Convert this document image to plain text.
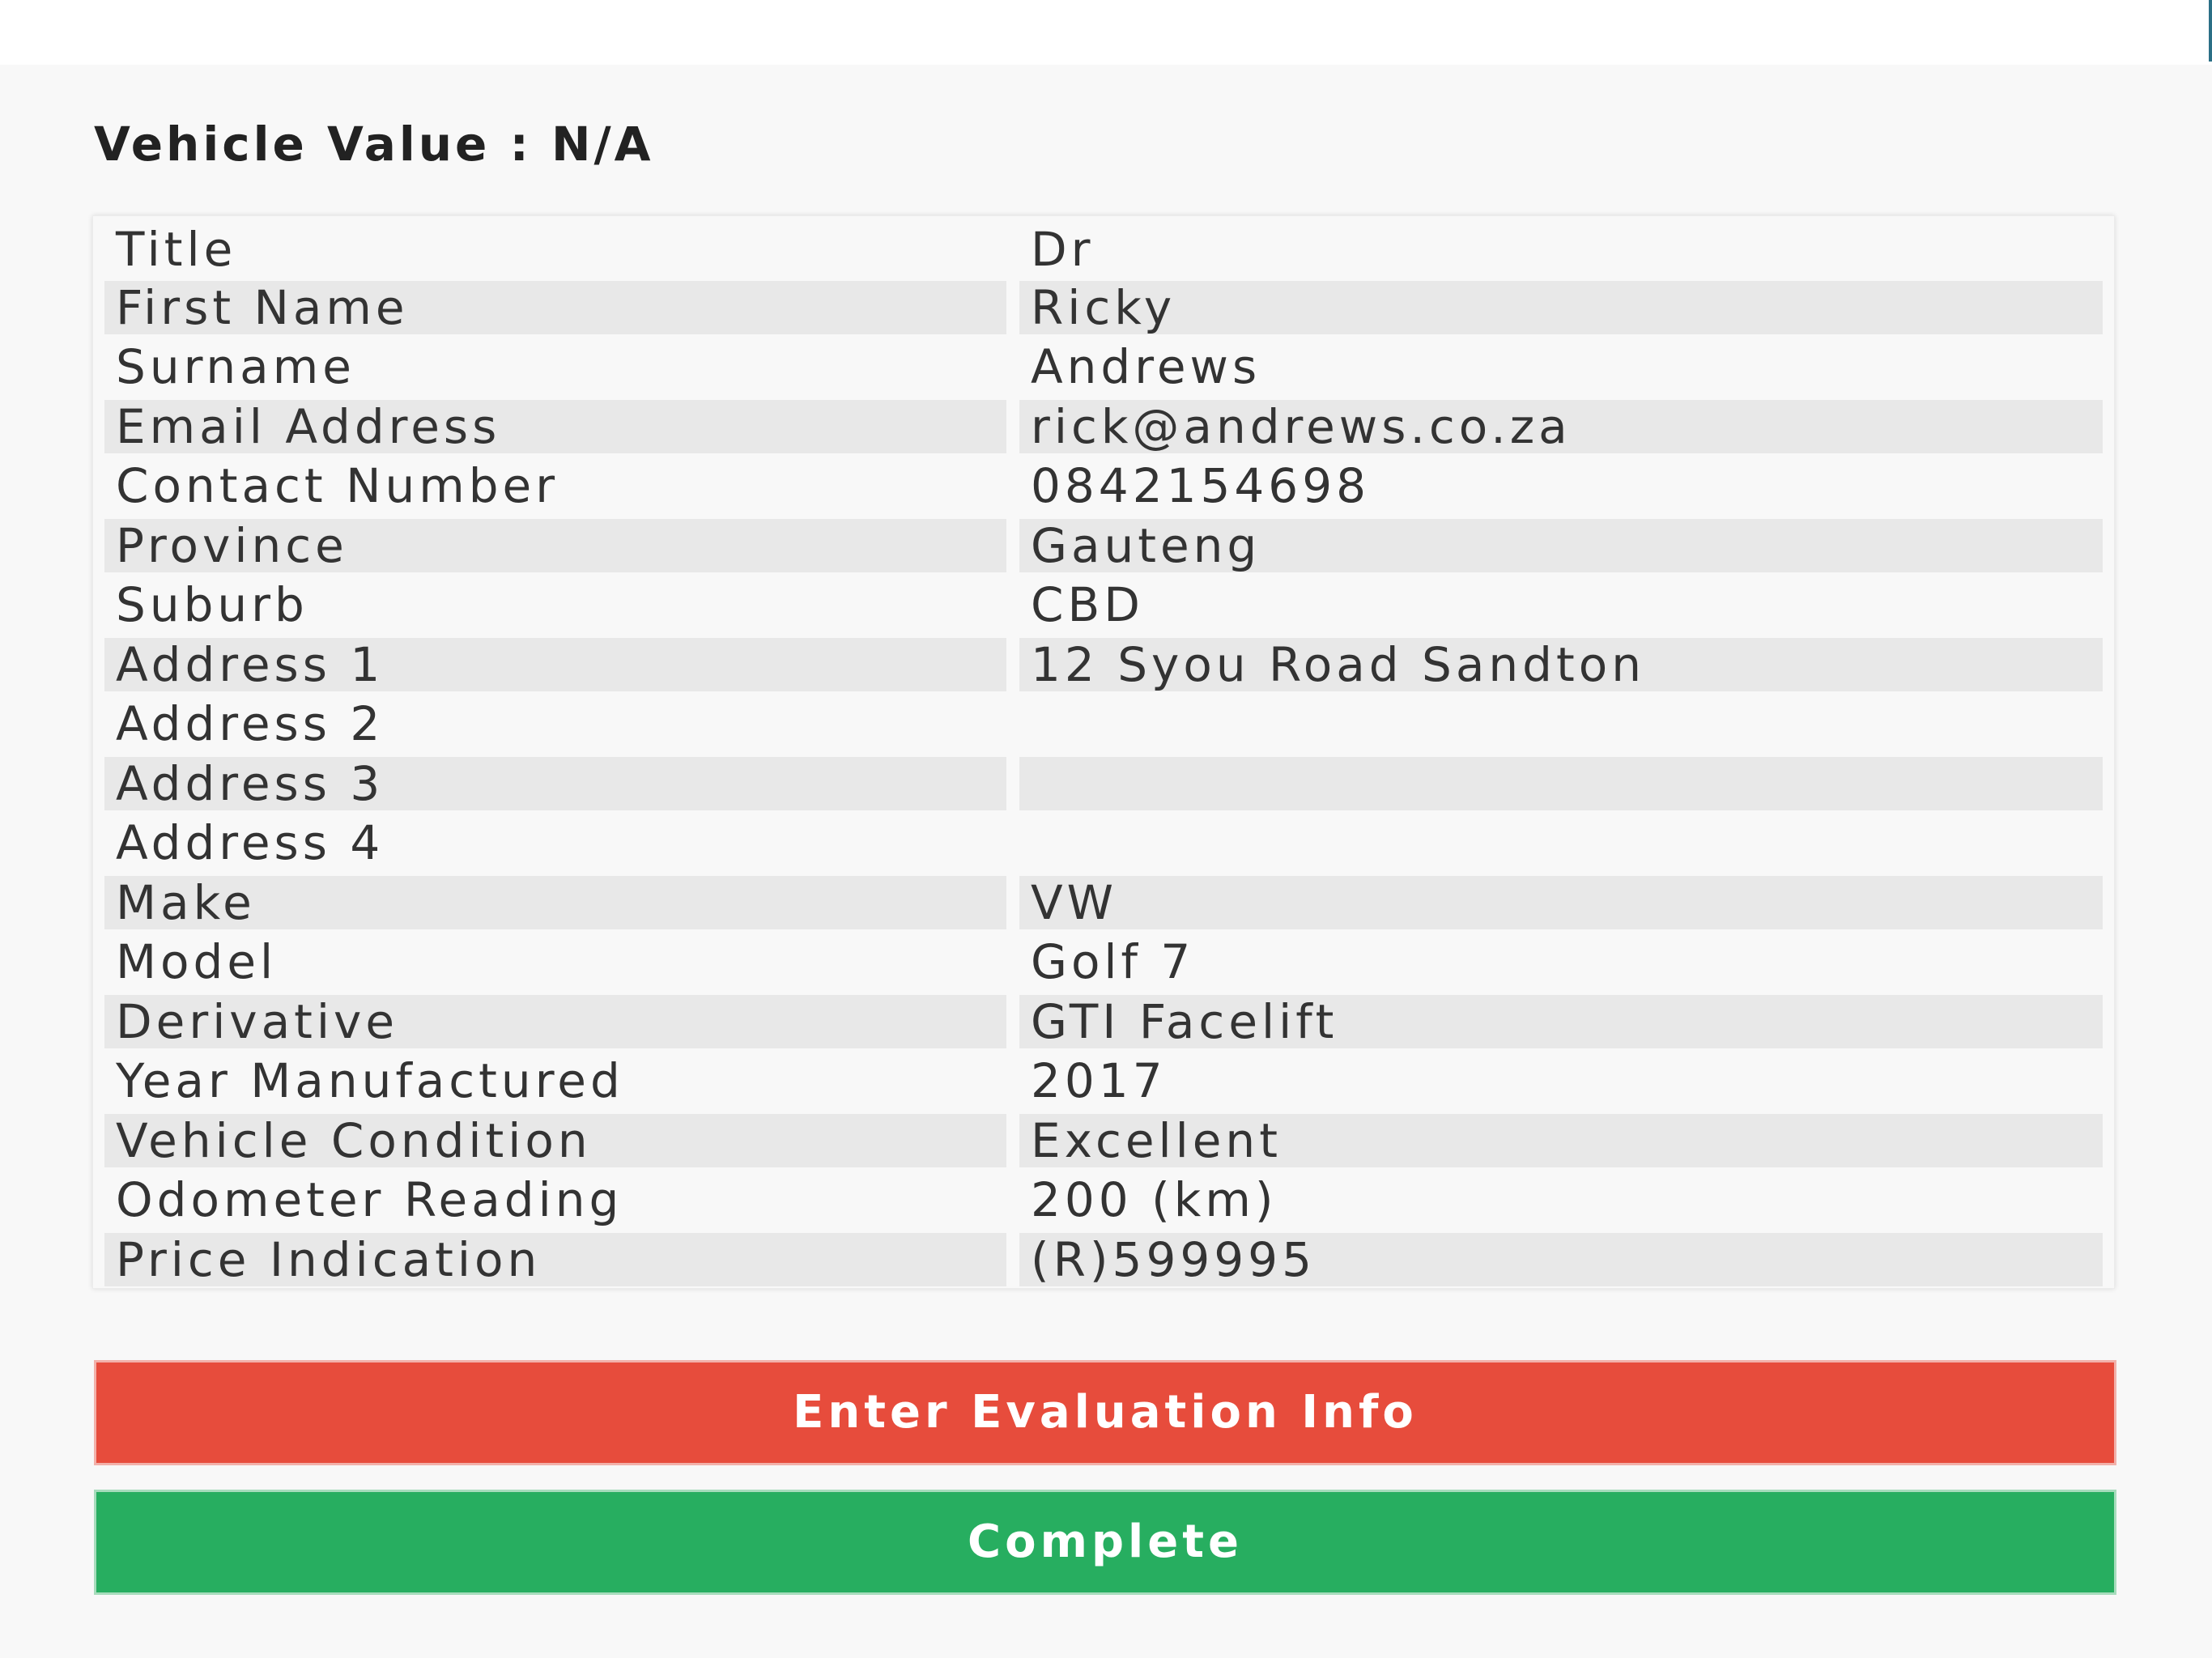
Vehicle Value : N/A
Title	Dr
First Name	Ricky
Surname	Andrews
Email Address	rick@andrews.co.za
Contact Number	0842154698
Province	Gauteng
Suburb	CBD
Address 1	12 Syou Road Sandton
Address 2
Address 3
Address 4
Make	VW
Model	Golf 7
Derivative	GTI Facelift
Year Manufactured	2017
Vehicle Condition	Excellent
Odometer Reading	200 (km)
Price Indication	(R)599995
Enter Evaluation Info
Complete
